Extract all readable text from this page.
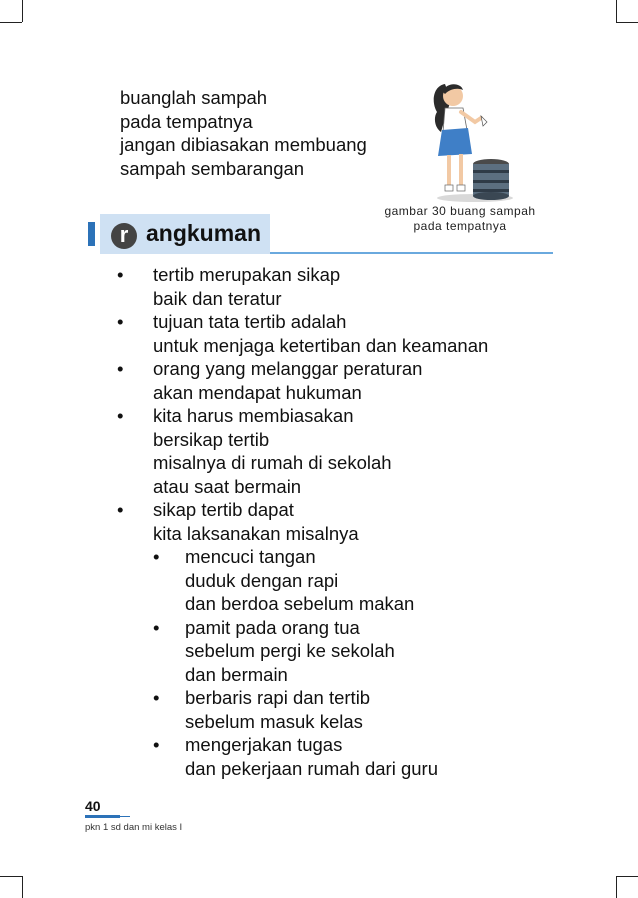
buanglah sampah
pada tempatnya
jangan dibiasakan membuang
sampah sembarangan
gambar 30 buang sampah
pada tempatnya
r angkuman
• tertib merupakan sikap
baik dan teratur
• tujuan tata tertib adalah
untuk menjaga ketertiban dan keamanan
• orang yang melanggar peraturan
akan mendapat hukuman
• kita harus membiasakan
bersikap tertib
misalnya di rumah di sekolah
atau saat bermain
• sikap tertib dapat
kita laksanakan misalnya
• mencuci tangan
duduk dengan rapi
dan berdoa sebelum makan
• pamit pada orang tua
sebelum pergi ke sekolah
dan bermain
• berbaris rapi dan tertib
sebelum masuk kelas
• mengerjakan tugas
dan pekerjaan rumah dari guru
40
pkn 1 sd dan mi kelas I
